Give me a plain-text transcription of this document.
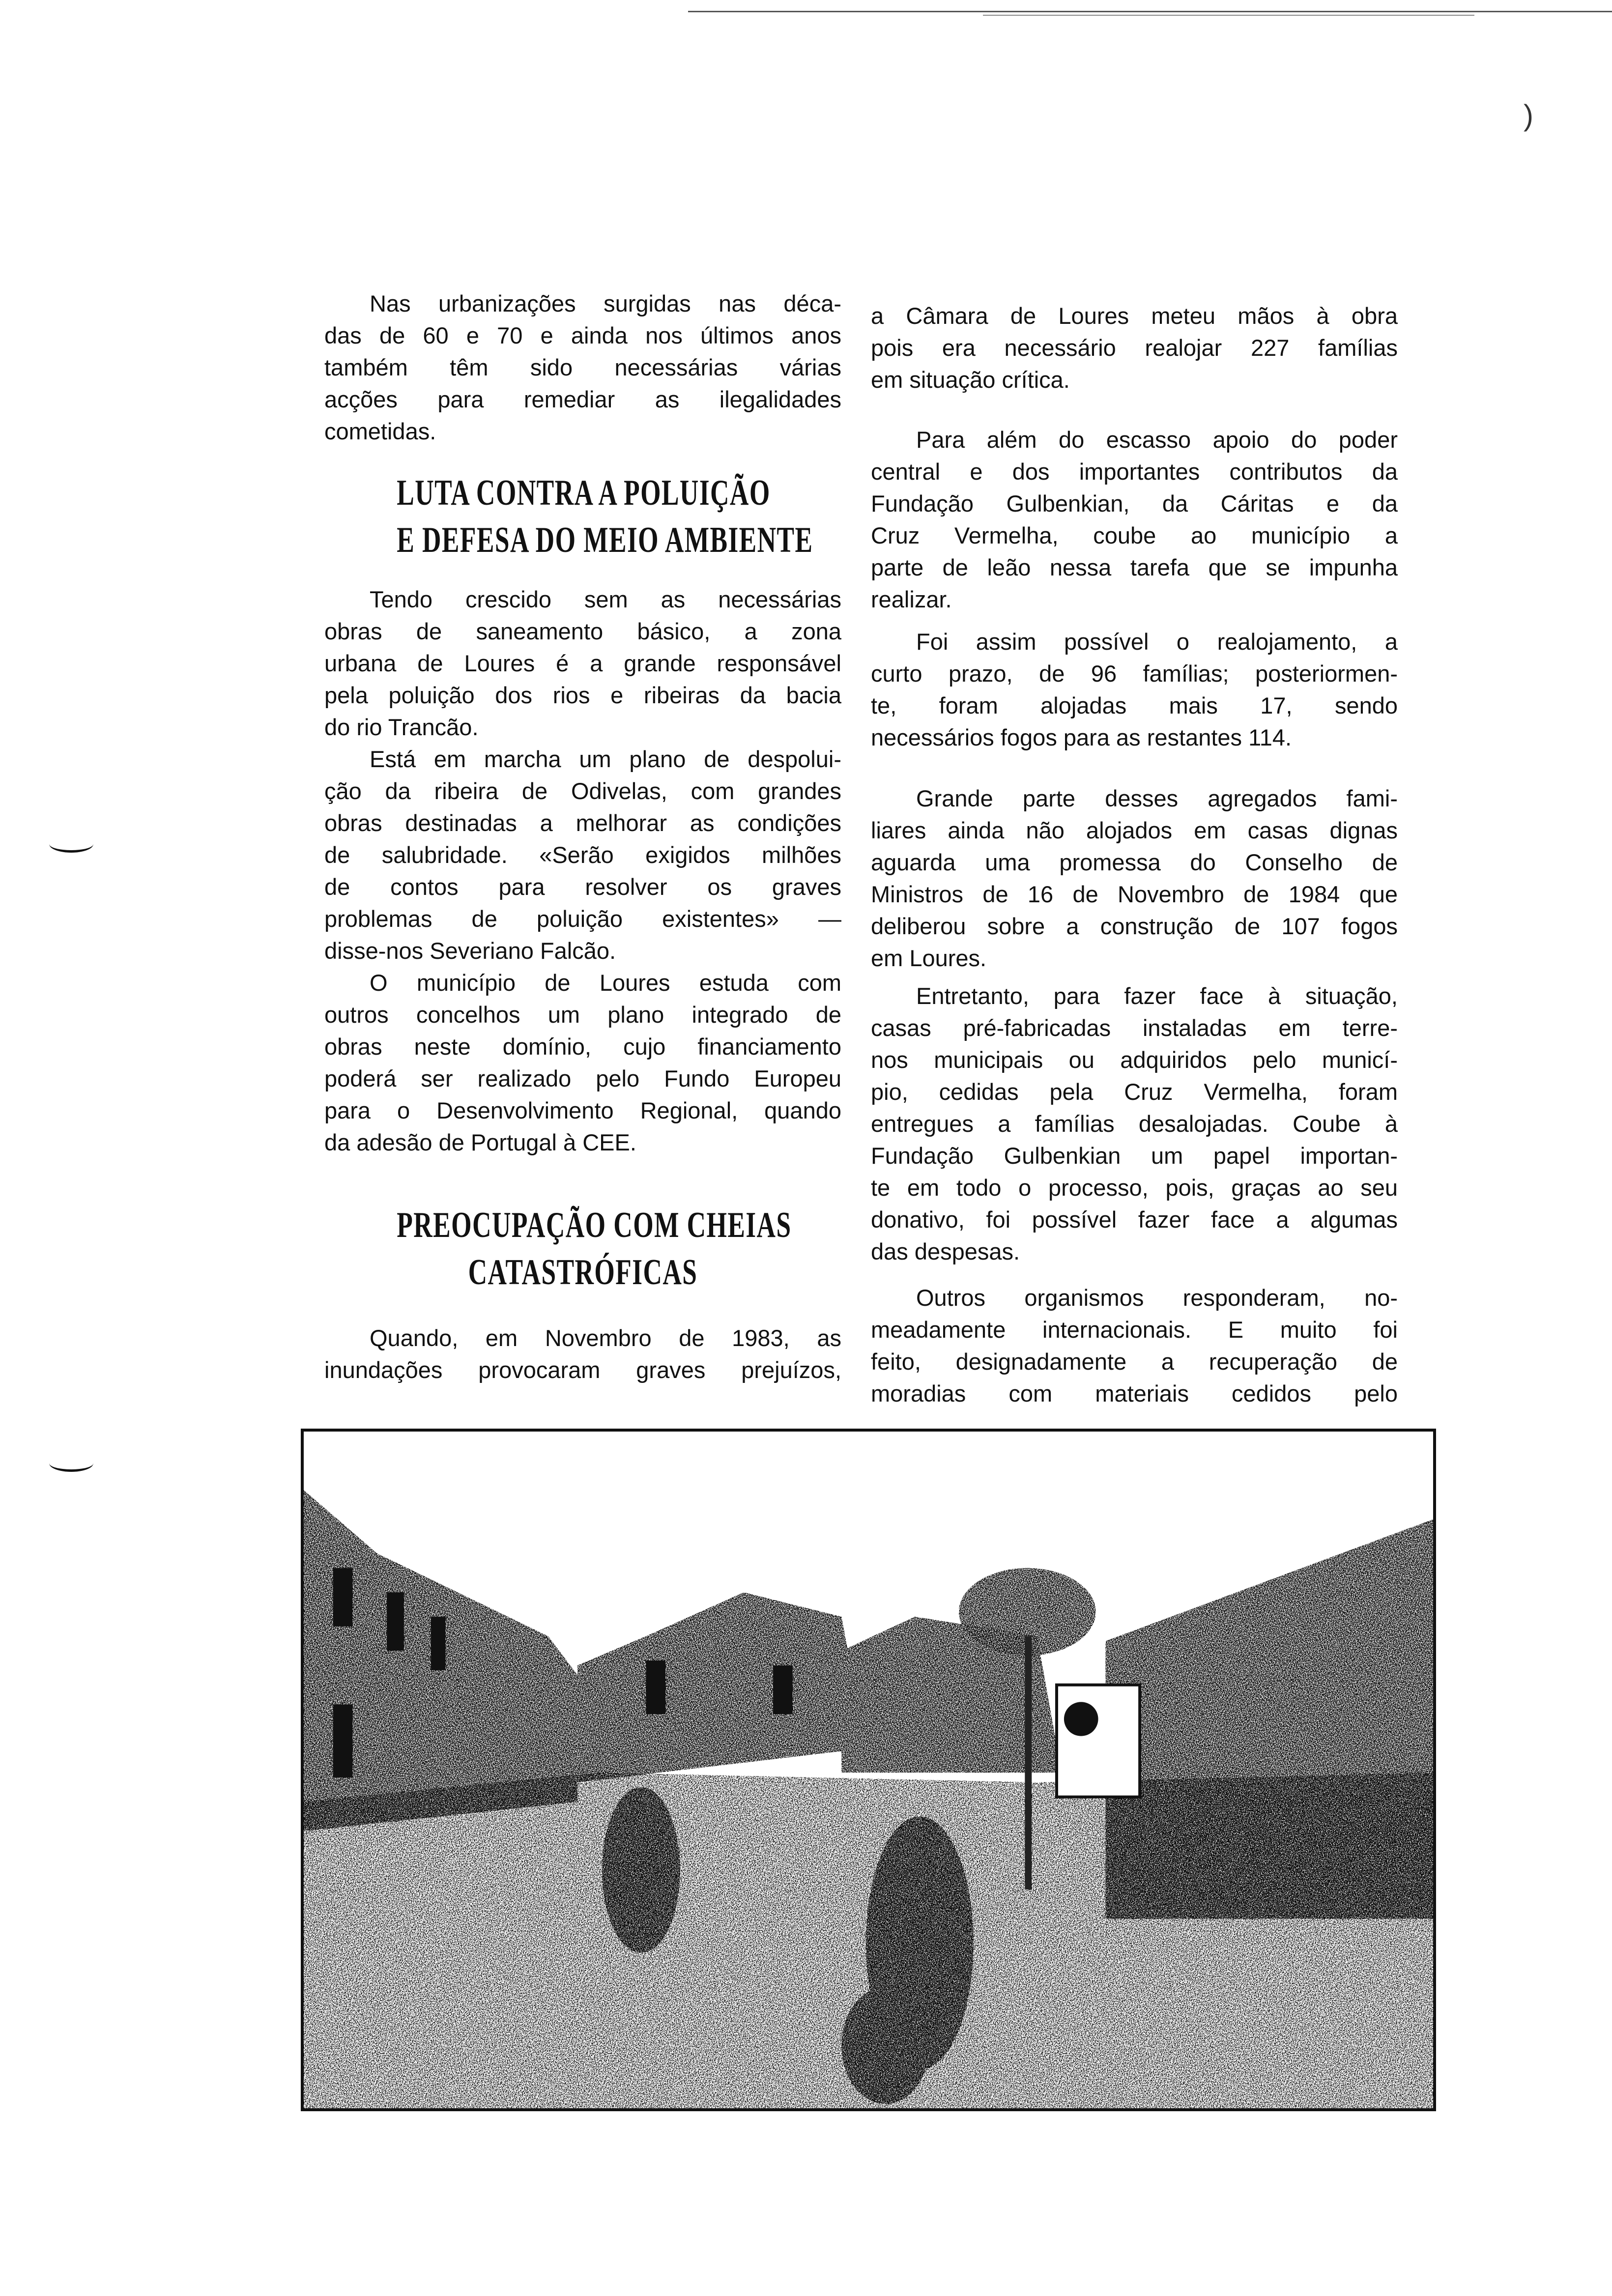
)
Nas urbanizações surgidas nas déca-
das de 60 e 70 e ainda nos últimos anos
também têm sido necessárias várias
acções para remediar as ilegalidades
cometidas.
LUTA CONTRA A POLUIÇÃO
E DEFESA DO MEIO AMBIENTE
Tendo crescido sem as necessárias
obras de saneamento básico, a zona
urbana de Loures é a grande responsável
pela poluição dos rios e ribeiras da bacia
do rio Trancão.
Está em marcha um plano de despolui-
ção da ribeira de Odivelas, com grandes
obras destinadas a melhorar as condições
de salubridade. «Serão exigidos milhões
de contos para resolver os graves
problemas de poluição existentes» —
disse-nos Severiano Falcão.
O município de Loures estuda com
outros concelhos um plano integrado de
obras neste domínio, cujo financiamento
poderá ser realizado pelo Fundo Europeu
para o Desenvolvimento Regional, quando
da adesão de Portugal à CEE.
PREOCUPAÇÃO COM CHEIAS
CATASTRÓFICAS
Quando, em Novembro de 1983, as
inundações provocaram graves prejuízos,
a Câmara de Loures meteu mãos à obra
pois era necessário realojar 227 famílias
em situação crítica.
Para além do escasso apoio do poder
central e dos importantes contributos da
Fundação Gulbenkian, da Cáritas e da
Cruz Vermelha, coube ao município a
parte de leão nessa tarefa que se impunha
realizar.
Foi assim possível o realojamento, a
curto prazo, de 96 famílias; posteriormen-
te, foram alojadas mais 17, sendo
necessários fogos para as restantes 114.
Grande parte desses agregados fami-
liares ainda não alojados em casas dignas
aguarda uma promessa do Conselho de
Ministros de 16 de Novembro de 1984 que
deliberou sobre a construção de 107 fogos
em Loures.
Entretanto, para fazer face à situação,
casas pré-fabricadas instaladas em terre-
nos municipais ou adquiridos pelo municí-
pio, cedidas pela Cruz Vermelha, foram
entregues a famílias desalojadas. Coube à
Fundação Gulbenkian um papel importan-
te em todo o processo, pois, graças ao seu
donativo, foi possível fazer face a algumas
das despesas.
Outros organismos responderam, no-
meadamente internacionais. E muito foi
feito, designadamente a recuperação de
moradias com materiais cedidos pelo
